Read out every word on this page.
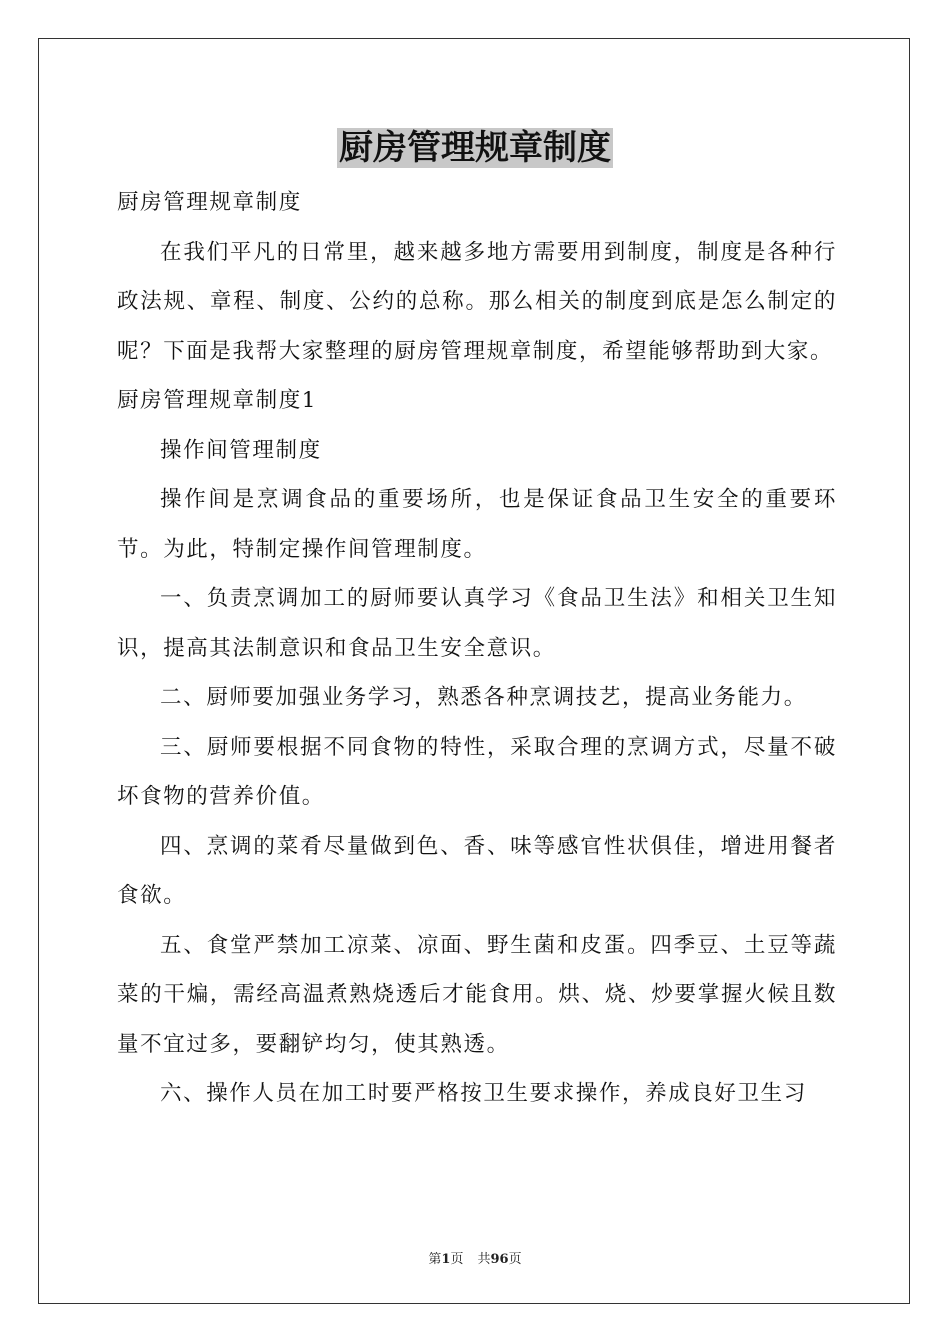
厨房管理规章制度

厨房管理规章制度

在我们平凡的日常里，越来越多地方需要用到制度，制度是各种行政法规、章程、制度、公约的总称。那么相关的制度到底是怎么制定的呢？下面是我帮大家整理的厨房管理规章制度，希望能够帮助到大家。

厨房管理规章制度1

操作间管理制度

操作间是烹调食品的重要场所，也是保证食品卫生安全的重要环节。为此，特制定操作间管理制度。

一、负责烹调加工的厨师要认真学习《食品卫生法》和相关卫生知识，提高其法制意识和食品卫生安全意识。

二、厨师要加强业务学习，熟悉各种烹调技艺，提高业务能力。

三、厨师要根据不同食物的特性，采取合理的烹调方式，尽量不破坏食物的营养价值。

四、烹调的菜肴尽量做到色、香、味等感官性状俱佳，增进用餐者食欲。

五、食堂严禁加工凉菜、凉面、野生菌和皮蛋。四季豆、土豆等蔬菜的干煸，需经高温煮熟烧透后才能食用。烘、烧、炒要掌握火候且数量不宜过多，要翻铲均匀，使其熟透。

六、操作人员在加工时要严格按卫生要求操作，养成良好卫生习

第1页 共96页
